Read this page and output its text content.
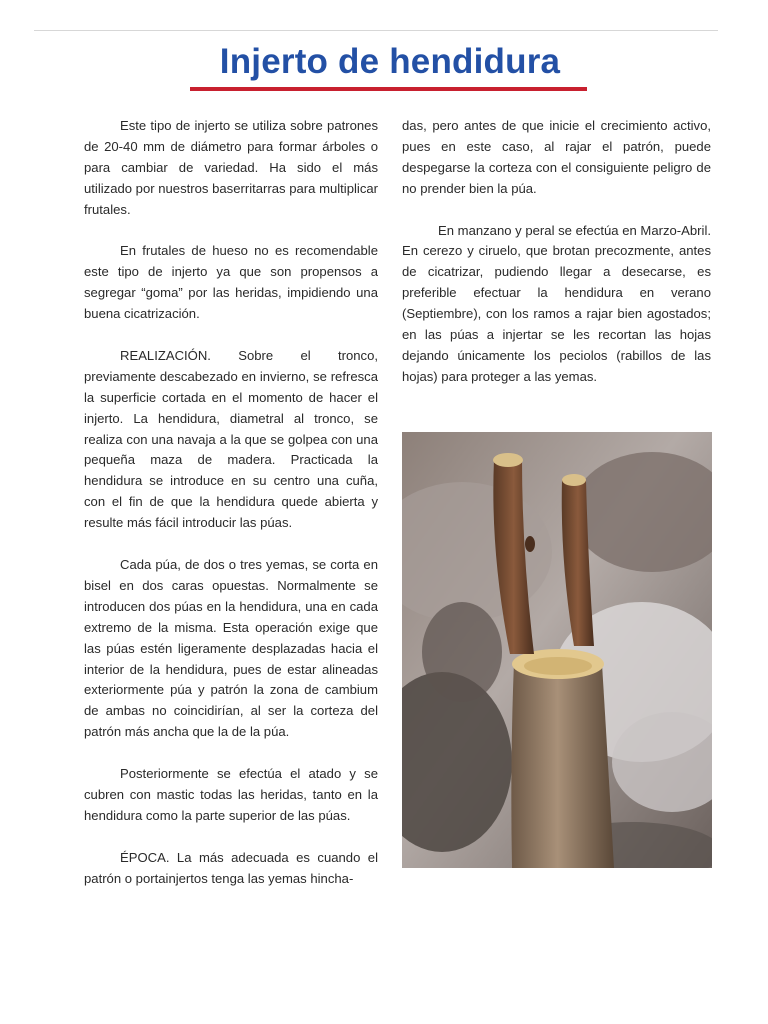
Injerto de hendidura

Este tipo de injerto se utiliza sobre patrones de 20-40 mm de diámetro para formar árboles o para cambiar de variedad. Ha sido el más utilizado por nuestros baserritarras para multiplicar frutales.

En frutales de hueso no es recomendable este tipo de injerto ya que son propensos a segregar “goma” por las heridas, impidiendo una buena cicatrización.

REALIZACIÓN. Sobre el tronco, previamente descabezado en invierno, se refresca la superficie cortada en el momento de hacer el injerto. La hendidura, diametral al tronco, se realiza con una navaja a la que se golpea con una pequeña maza de madera. Practicada la hendidura se introduce en su centro una cuña, con el fin de que la hendidura quede abierta y resulte más fácil introducir las púas.

Cada púa, de dos o tres yemas, se corta en bisel en dos caras opuestas. Normalmente se introducen dos púas en la hendidura, una en cada extremo de la misma. Esta operación exige que las púas estén ligeramente desplazadas hacia el interior de la hendidura, pues de estar alineadas exteriormente púa y patrón la zona de cambium de ambas no coincidirían, al ser la corteza del patrón más ancha que la de la púa.

Posteriormente se efectúa el atado y se cubren con mastic todas las heridas, tanto en la hendidura como la parte superior de las púas.

ÉPOCA. La más adecuada es cuando el patrón o portainjertos tenga las yemas hincha-

das, pero antes de que inicie el crecimiento activo, pues en este caso, al rajar el patrón, puede despegarse la corteza con el consiguiente peligro de no prender bien la púa.

En manzano y peral se efectúa en Marzo-Abril. En cerezo y ciruelo, que brotan precozmente, antes de cicatrizar, pudiendo llegar a desecarse, es preferible efectuar la hendidura en verano (Septiembre), con los ramos a rajar bien agostados; en las púas a injertar se les recortan las hojas dejando únicamente los peciolos (rabillos de las hojas) para proteger a las yemas.
